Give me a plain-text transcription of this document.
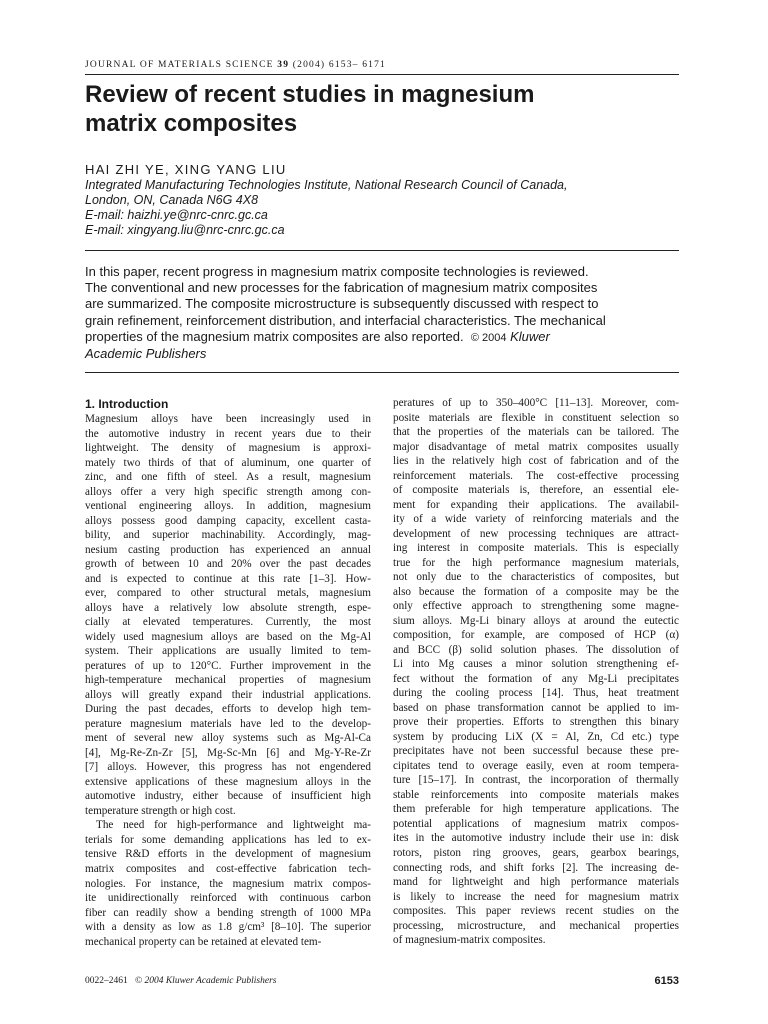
JOURNAL OF MATERIALS SCIENCE 39 (2004) 6153– 6171
Review of recent studies in magnesium
matrix composites
HAI ZHI YE, XING YANG LIU
Integrated Manufacturing Technologies Institute, National Research Council of Canada,
London, ON, Canada N6G 4X8
E-mail: haizhi.ye@nrc-cnrc.gc.ca
E-mail: xingyang.liu@nrc-cnrc.gc.ca
In this paper, recent progress in magnesium matrix composite technologies is reviewed.
The conventional and new processes for the fabrication of magnesium matrix composites
are summarized. The composite microstructure is subsequently discussed with respect to
grain refinement, reinforcement distribution, and interfacial characteristics. The mechanical
properties of the magnesium matrix composites are also reported. © 2004 Kluwer
Academic Publishers
1. Introduction
Magnesium alloys have been increasingly used in
the automotive industry in recent years due to their
lightweight. The density of magnesium is approxi-
mately two thirds of that of aluminum, one quarter of
zinc, and one fifth of steel. As a result, magnesium
alloys offer a very high specific strength among con-
ventional engineering alloys. In addition, magnesium
alloys possess good damping capacity, excellent casta-
bility, and superior machinability. Accordingly, mag-
nesium casting production has experienced an annual
growth of between 10 and 20% over the past decades
and is expected to continue at this rate [1–3]. How-
ever, compared to other structural metals, magnesium
alloys have a relatively low absolute strength, espe-
cially at elevated temperatures. Currently, the most
widely used magnesium alloys are based on the Mg-Al
system. Their applications are usually limited to tem-
peratures of up to 120°C. Further improvement in the
high-temperature mechanical properties of magnesium
alloys will greatly expand their industrial applications.
During the past decades, efforts to develop high tem-
perature magnesium materials have led to the develop-
ment of several new alloy systems such as Mg-Al-Ca
[4], Mg-Re-Zn-Zr [5], Mg-Sc-Mn [6] and Mg-Y-Re-Zr
[7] alloys. However, this progress has not engendered
extensive applications of these magnesium alloys in the
automotive industry, either because of insufficient high
temperature strength or high cost.
The need for high-performance and lightweight ma-
terials for some demanding applications has led to ex-
tensive R&D efforts in the development of magnesium
matrix composites and cost-effective fabrication tech-
nologies. For instance, the magnesium matrix compos-
ite unidirectionally reinforced with continuous carbon
fiber can readily show a bending strength of 1000 MPa
with a density as low as 1.8 g/cm³ [8–10]. The superior
mechanical property can be retained at elevated tem-
peratures of up to 350–400°C [11–13]. Moreover, com-
posite materials are flexible in constituent selection so
that the properties of the materials can be tailored. The
major disadvantage of metal matrix composites usually
lies in the relatively high cost of fabrication and of the
reinforcement materials. The cost-effective processing
of composite materials is, therefore, an essential ele-
ment for expanding their applications. The availabil-
ity of a wide variety of reinforcing materials and the
development of new processing techniques are attract-
ing interest in composite materials. This is especially
true for the high performance magnesium materials,
not only due to the characteristics of composites, but
also because the formation of a composite may be the
only effective approach to strengthening some magne-
sium alloys. Mg-Li binary alloys at around the eutectic
composition, for example, are composed of HCP (α)
and BCC (β) solid solution phases. The dissolution of
Li into Mg causes a minor solution strengthening ef-
fect without the formation of any Mg-Li precipitates
during the cooling process [14]. Thus, heat treatment
based on phase transformation cannot be applied to im-
prove their properties. Efforts to strengthen this binary
system by producing LiX (X = Al, Zn, Cd etc.) type
precipitates have not been successful because these pre-
cipitates tend to overage easily, even at room tempera-
ture [15–17]. In contrast, the incorporation of thermally
stable reinforcements into composite materials makes
them preferable for high temperature applications. The
potential applications of magnesium matrix compos-
ites in the automotive industry include their use in: disk
rotors, piston ring grooves, gears, gearbox bearings,
connecting rods, and shift forks [2]. The increasing de-
mand for lightweight and high performance materials
is likely to increase the need for magnesium matrix
composites. This paper reviews recent studies on the
processing, microstructure, and mechanical properties
of magnesium-matrix composites.
0022–2461 © 2004 Kluwer Academic Publishers	6153
